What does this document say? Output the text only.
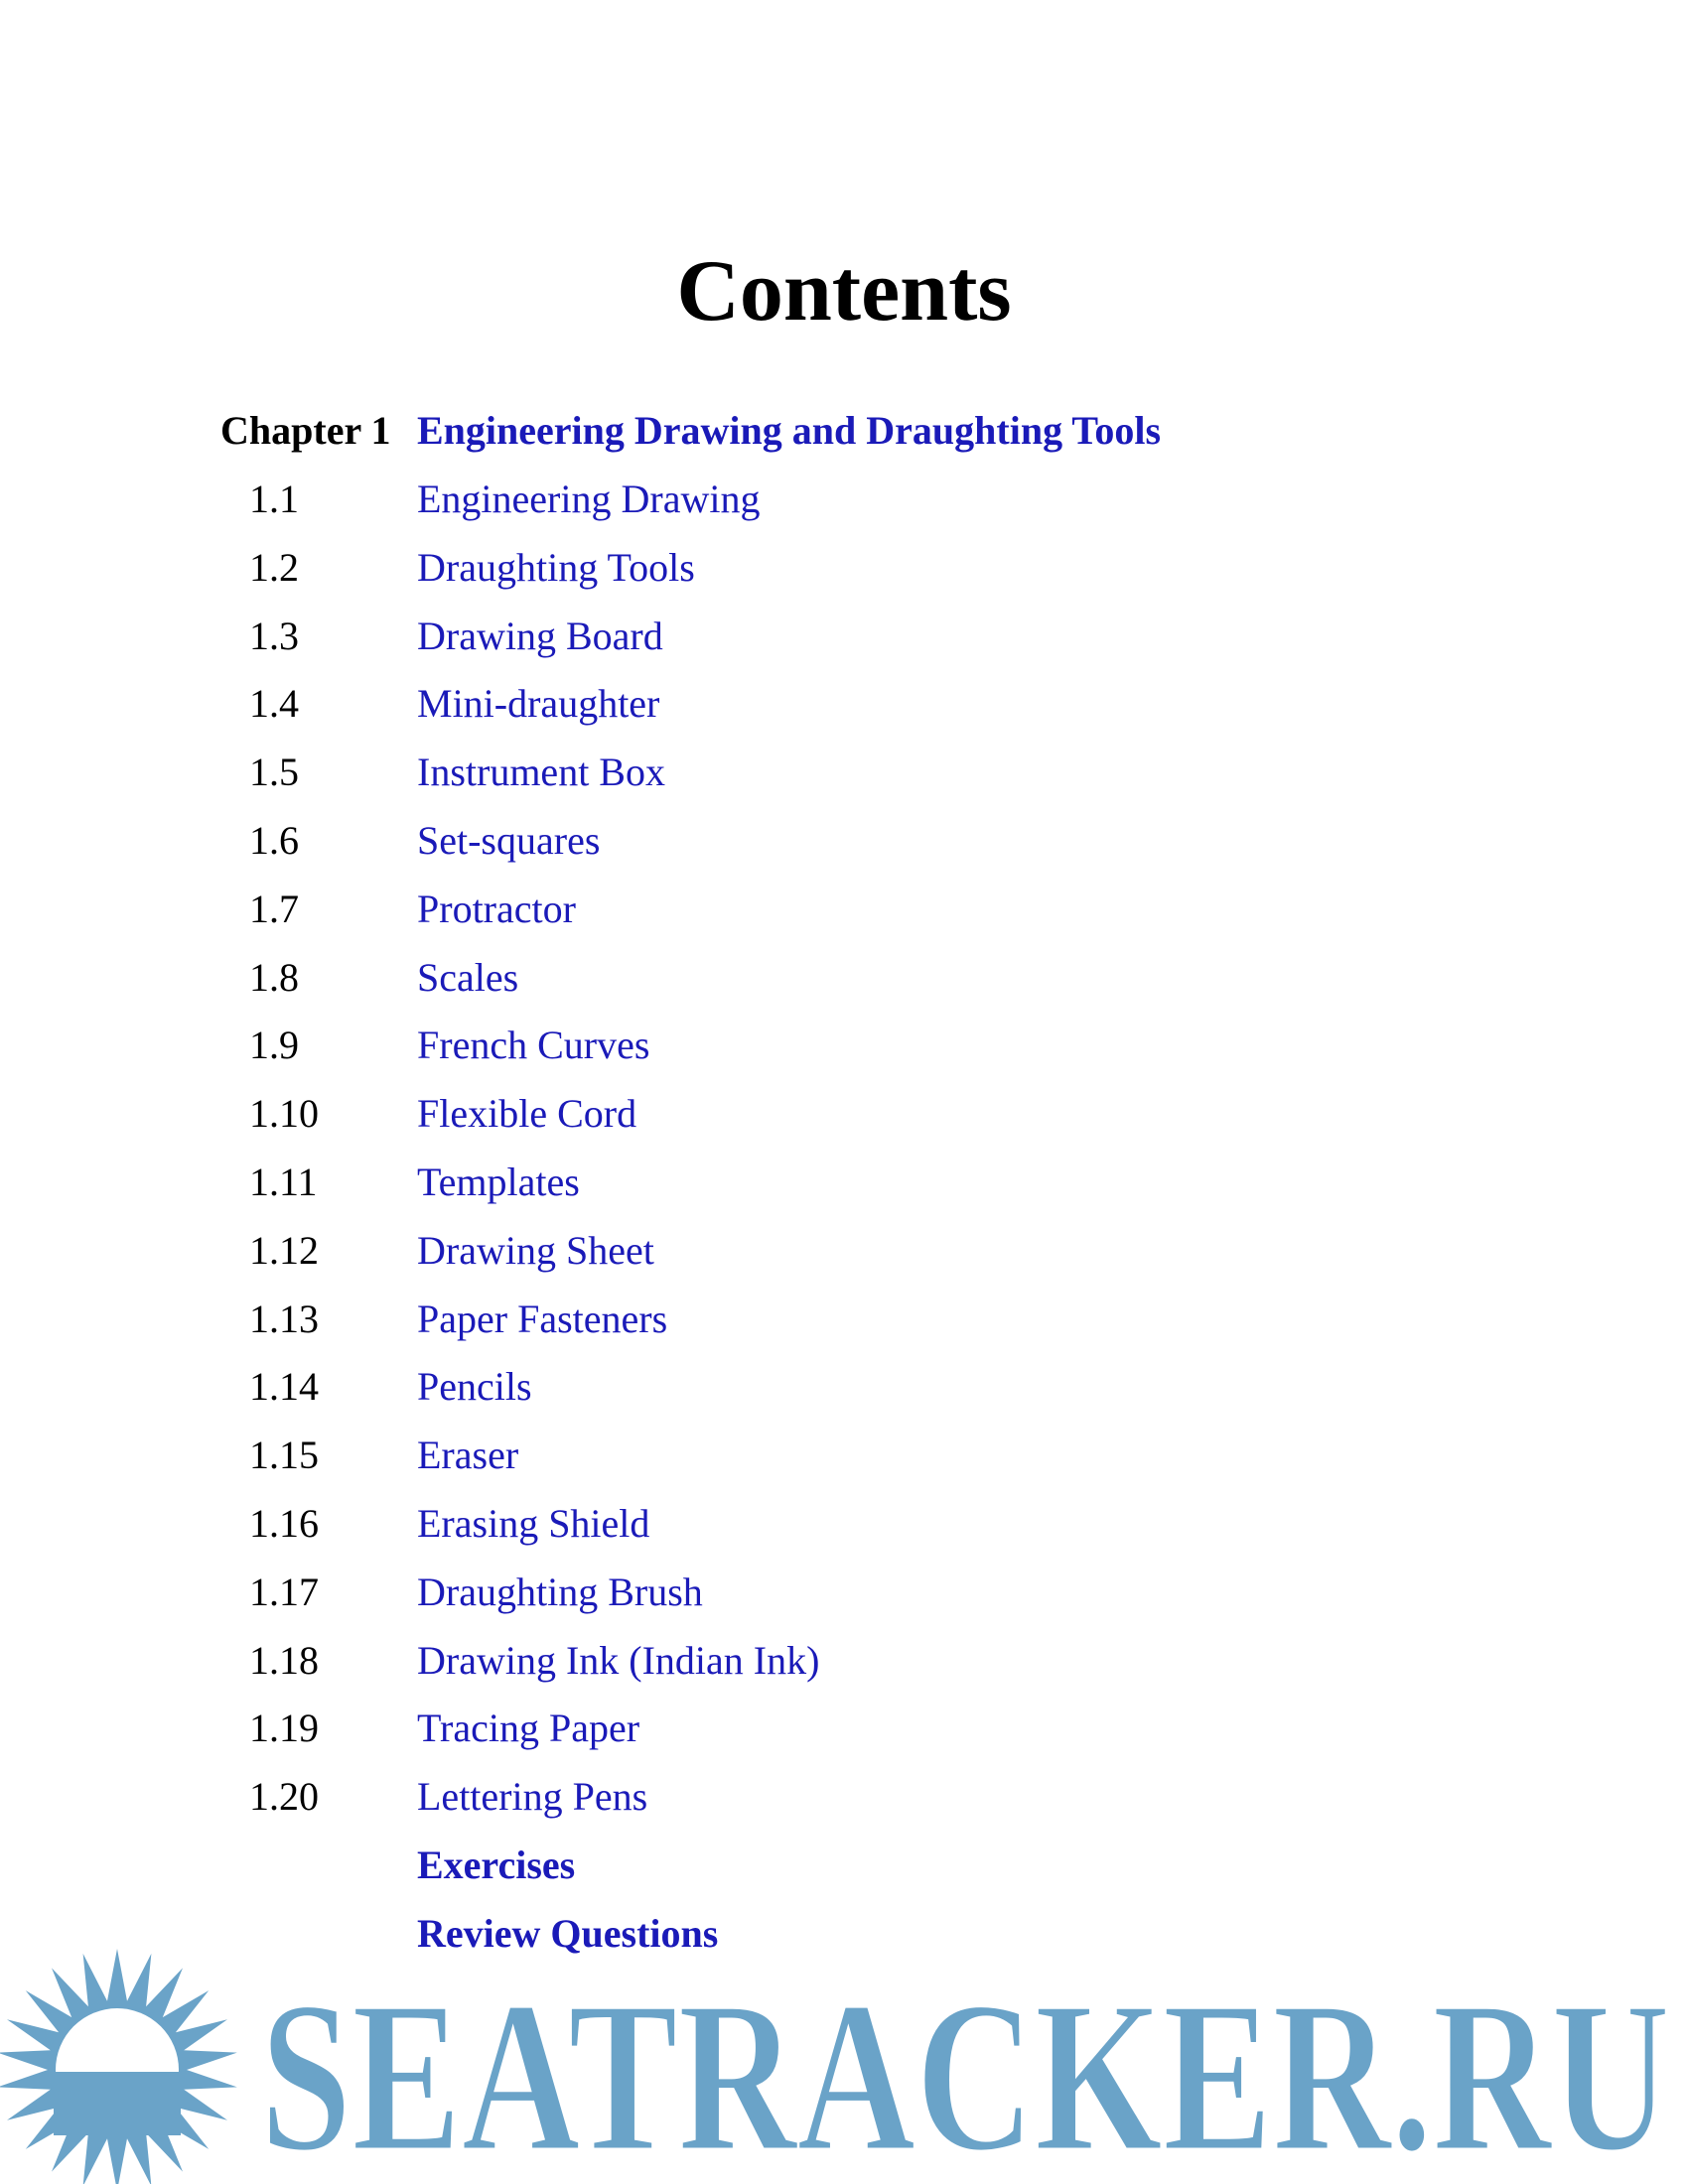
Contents
Chapter 1 Engineering Drawing and Draughting Tools
1.1	Engineering Drawing
1.2	Draughting Tools
1.3	Drawing Board
1.4	Mini-draughter
1.5	Instrument Box
1.6	Set-squares
1.7	Protractor
1.8	Scales
1.9	French Curves
1.10	Flexible Cord
1.11	Templates
1.12	Drawing Sheet
1.13	Paper Fasteners
1.14	Pencils
1.15	Eraser
1.16	Erasing Shield
1.17	Draughting Brush
1.18	Drawing Ink (Indian Ink)
1.19	Tracing Paper
1.20	Lettering Pens
Exercises
Review Questions
SEATRACKER.RU
